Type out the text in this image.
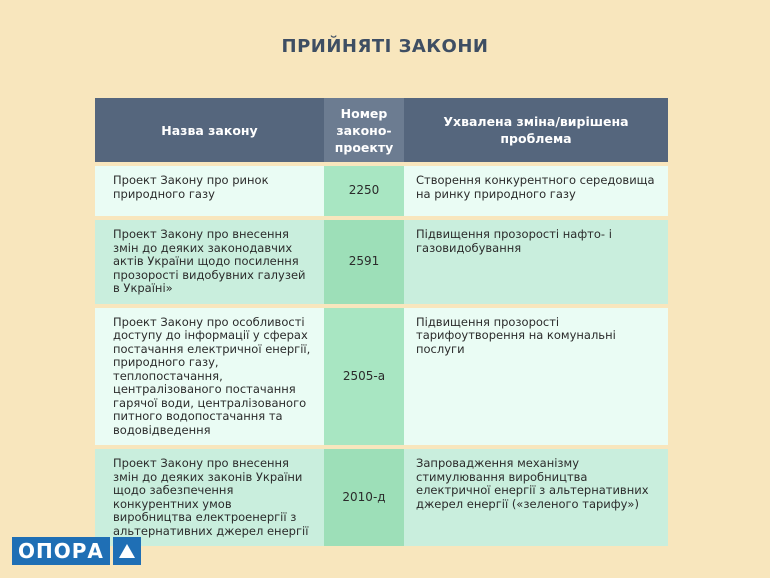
ПРИЙНЯТІ ЗАКОНИ
Назва закону	Номер законо-проекту	Ухвалена зміна/вирішена проблема
Проект Закону про ринок природного газу	2250	Створення конкурентного середовища на ринку природного газу
Проект Закону про внесення змін до деяких законодавчих актів України щодо посилення прозорості видобувних галузей в Україні»	2591	Підвищення прозорості нафто- і газовидобування
Проект Закону про особливості доступу до інформації у сферах постачання електричної енергії, природного газу, теплопостачання, централізованого постачання гарячої води, централізованого питного водопостачання та водовідведення	2505-а	Підвищення прозорості тарифоутворення на комунальні послуги
Проект Закону про внесення змін до деяких законів України щодо забезпечення конкурентних умов виробництва електроенергії з альтернативних джерел енергії	2010-д	Запровадження механізму стимулювання виробництва електричної енергії з альтернативних джерел енергії («зеленого тарифу»)
ОПОРА
